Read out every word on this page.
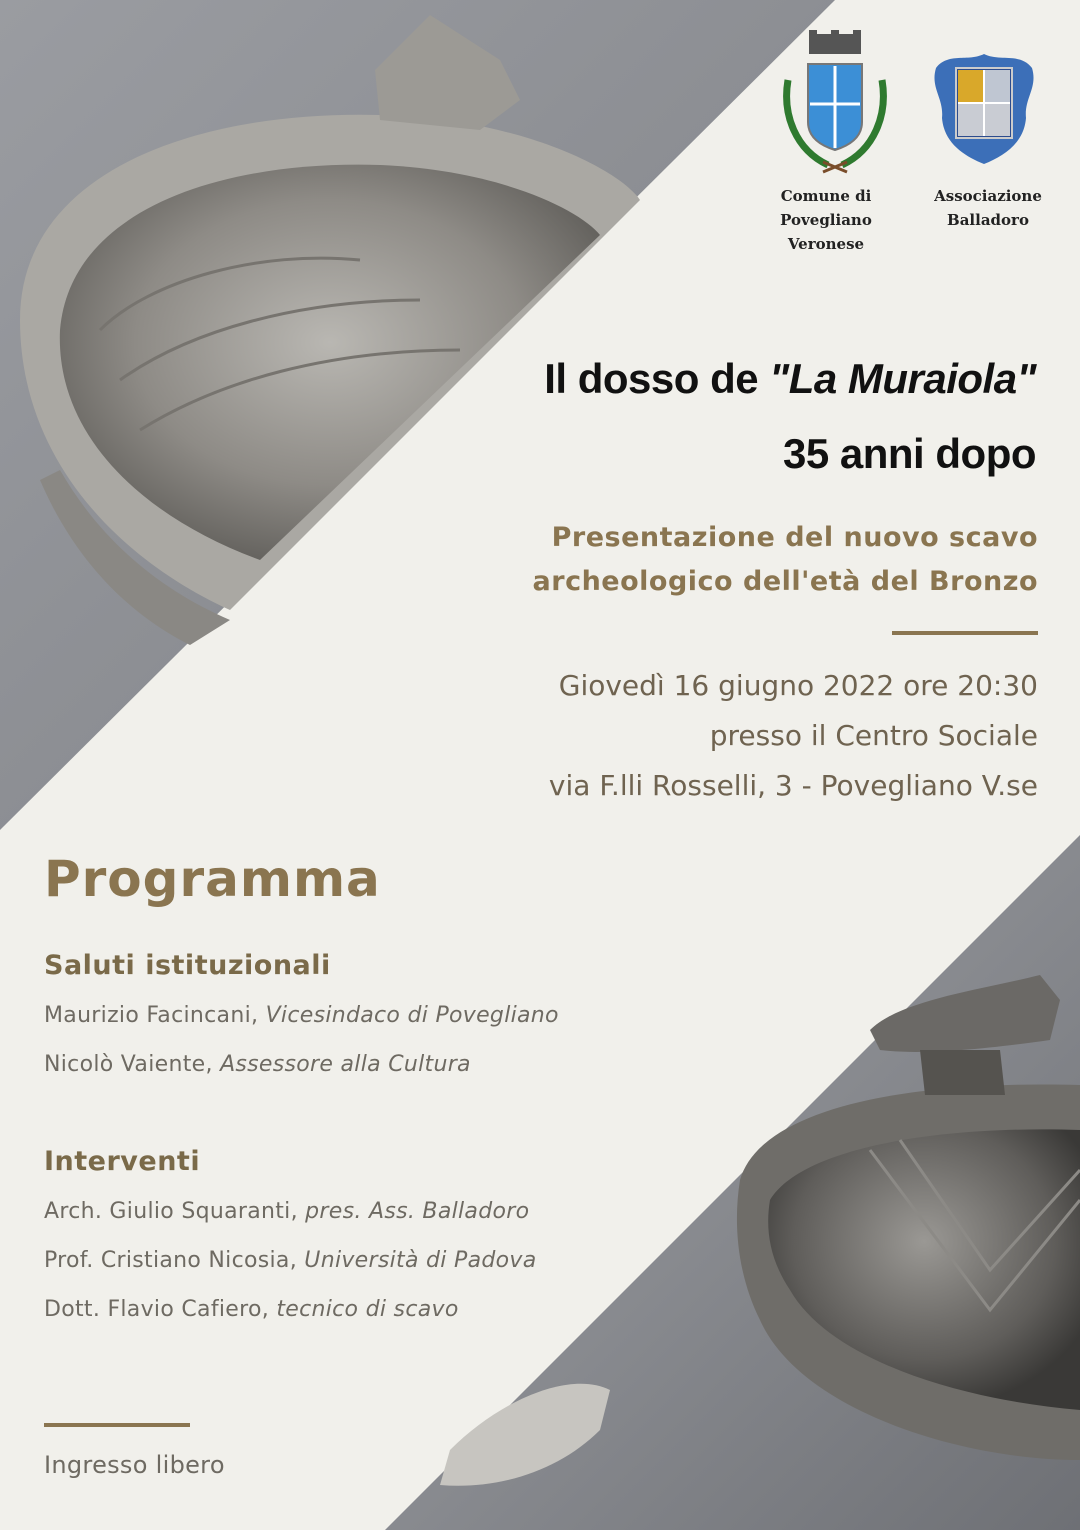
Comune di
Povegliano Veronese
Associazione
Balladoro
Il dosso de "La Muraiola"
35 anni dopo
Presentazione del nuovo scavo
archeologico dell'età del Bronzo
Giovedì 16 giugno 2022 ore 20:30
presso il Centro Sociale
via F.lli Rosselli, 3 - Povegliano V.se
Programma
Saluti istituzionali
Maurizio Facincani, Vicesindaco di Povegliano
Nicolò Vaiente, Assessore alla Cultura
Interventi
Arch. Giulio Squaranti, pres. Ass. Balladoro
Prof. Cristiano Nicosia, Università di Padova
Dott. Flavio Cafiero, tecnico di scavo
Ingresso libero
